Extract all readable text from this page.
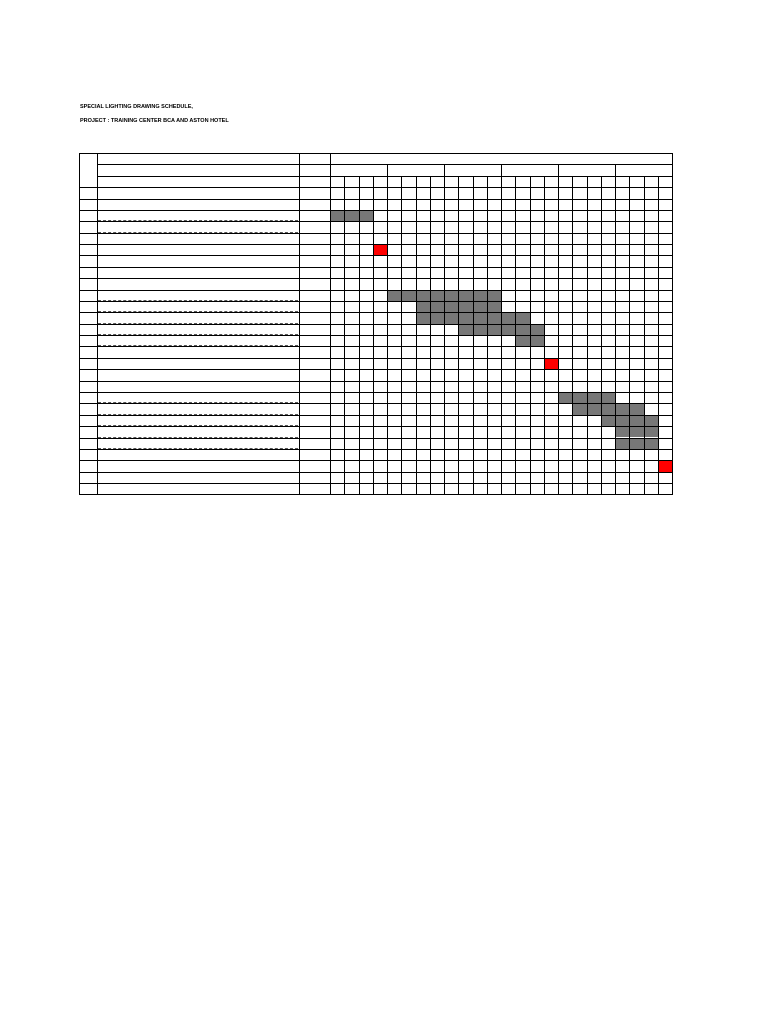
SPECIAL LIGHTING DRAWING SCHEDULE,
PROJECT : TRAINING CENTER BCA AND ASTON HOTEL
